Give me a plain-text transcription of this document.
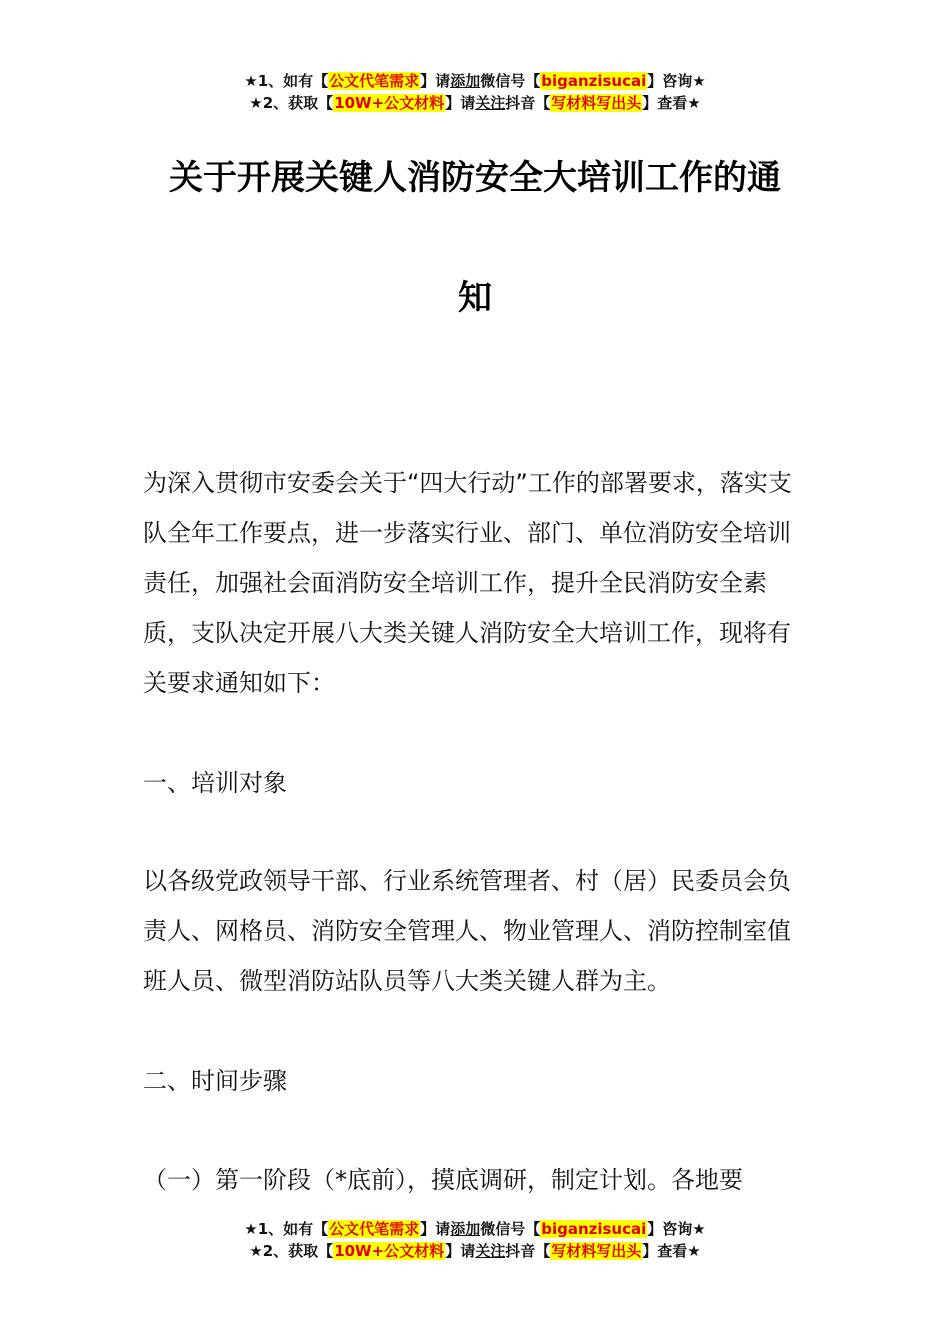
★1、如有【公文代笔需求】请添加微信号【biganzisucai】咨询★
★2、获取【10W+公文材料】请关注抖音【写材料写出头】查看★
关于开展关键人消防安全大培训工作的通
知
为深入贯彻市安委会关于“四大行动”工作的部署要求，落实支队全年工作要点，进一步落实行业、部门、单位消防安全培训责任，加强社会面消防安全培训工作，提升全民消防安全素质，支队决定开展八大类关键人消防安全大培训工作，现将有关要求通知如下：
一、培训对象
以各级党政领导干部、行业系统管理者、村（居）民委员会负责人、网格员、消防安全管理人、物业管理人、消防控制室值班人员、微型消防站队员等八大类关键人群为主。
二、时间步骤
（一）第一阶段（*底前），摸底调研，制定计划。各地要
★1、如有【公文代笔需求】请添加微信号【biganzisucai】咨询★
★2、获取【10W+公文材料】请关注抖音【写材料写出头】查看★
